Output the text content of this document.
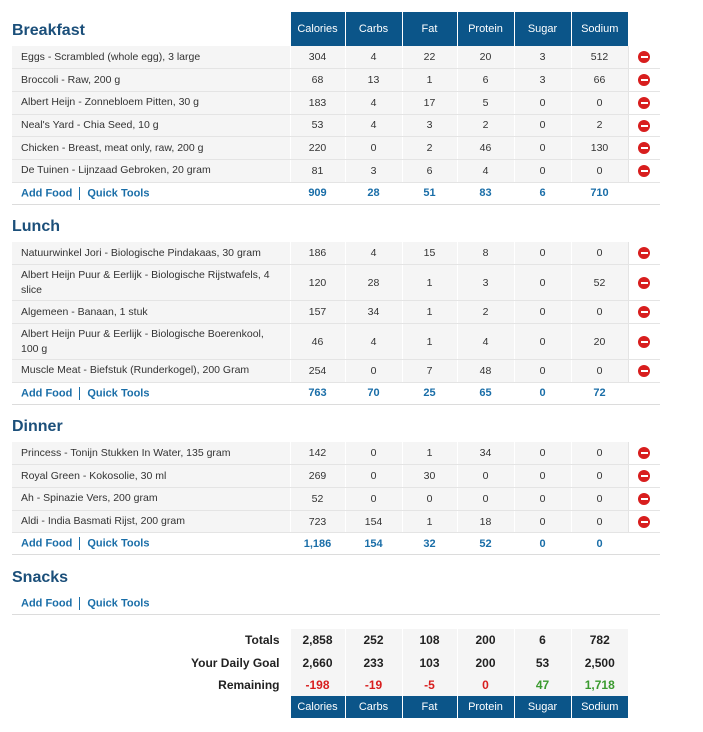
Breakfast	Calories	Carbs	Fat	Protein	Sugar	Sodium	
Eggs - Scrambled (whole egg), 3 large	304	4	22	20	3	512	
Broccoli - Raw, 200 g	68	13	1	6	3	66	
Albert Heijn - Zonnebloem Pitten, 30 g	183	4	17	5	0	0	
Neal's Yard - Chia Seed, 10 g	53	4	3	2	0	2	
Chicken - Breast, meat only, raw, 200 g	220	0	2	46	0	130	
De Tuinen - Lijnzaad Gebroken, 20 gram	81	3	6	4	0	0	
Add Food Quick Tools	909	28	51	83	6	710	
Lunch							
Natuurwinkel Jori - Biologische Pindakaas, 30 gram	186	4	15	8	0	0	
Albert Heijn Puur & Eerlijk - Biologische Rijstwafels, 4 slice	120	28	1	3	0	52	
Algemeen - Banaan, 1 stuk	157	34	1	2	0	0	
Albert Heijn Puur & Eerlijk - Biologische Boerenkool, 100 g	46	4	1	4	0	20	
Muscle Meat - Biefstuk (Runderkogel), 200 Gram	254	0	7	48	0	0	
Add Food Quick Tools	763	70	25	65	0	72	
Dinner							
Princess - Tonijn Stukken In Water, 135 gram	142	0	1	34	0	0	
Royal Green - Kokosolie, 30 ml	269	0	30	0	0	0	
Ah - Spinazie Vers, 200 gram	52	0	0	0	0	0	
Aldi - India Basmati Rijst, 200 gram	723	154	1	18	0	0	
Add Food Quick Tools	1,186	154	32	52	0	0	
Snacks							
Add Food Quick Tools							

Totals	2,858	252	108	200	6	782	
Your Daily Goal	2,660	233	103	200	53	2,500	
Remaining	-198	-19	-5	0	47	1,718	
	Calories	Carbs	Fat	Protein	Sugar	Sodium	
